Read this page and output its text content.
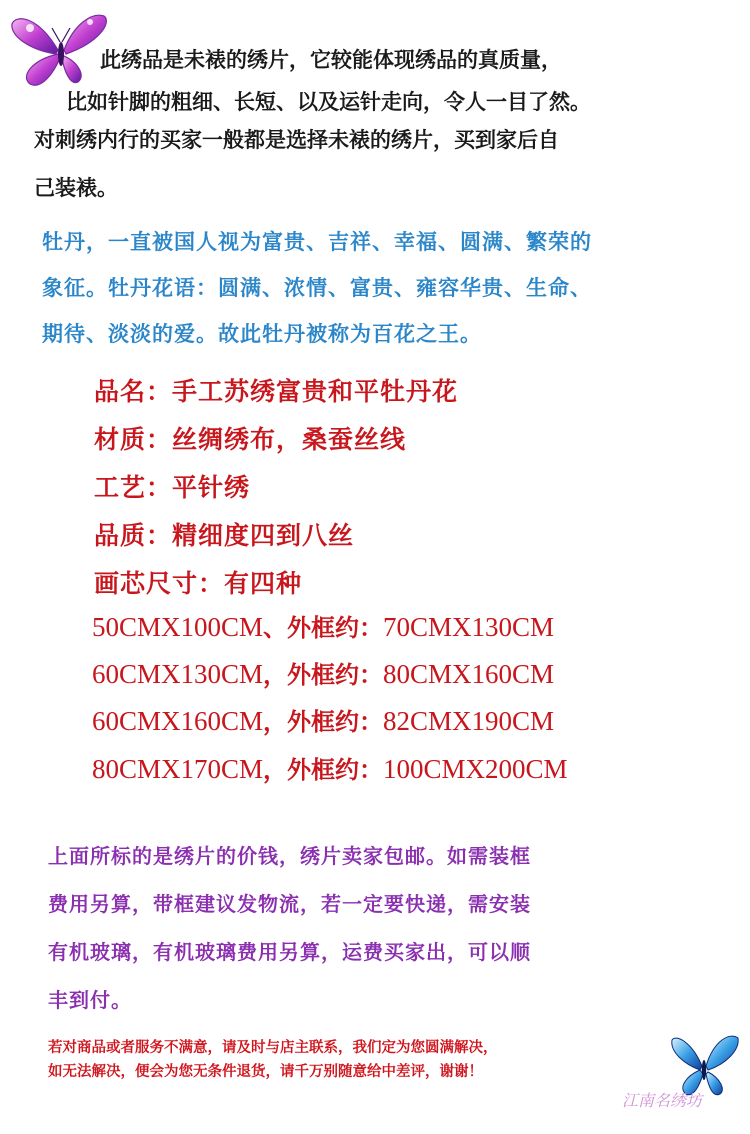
此绣品是未裱的绣片，它较能体现绣品的真质量，
比如针脚的粗细、长短、以及运针走向，令人一目了然。
对刺绣内行的买家一般都是选择未裱的绣片，买到家后自
己装裱。
牡丹，一直被国人视为富贵、吉祥、幸福、圆满、繁荣的
象征。牡丹花语：圆满、浓情、富贵、雍容华贵、生命、
期待、淡淡的爱。故此牡丹被称为百花之王。
品名：手工苏绣富贵和平牡丹花
材质：丝绸绣布，桑蚕丝线
工艺：平针绣
品质：精细度四到八丝
画芯尺寸：有四种
50CMX100CM、外框约：70CMX130CM
60CMX130CM，外框约：80CMX160CM
60CMX160CM，外框约：82CMX190CM
80CMX170CM，外框约：100CMX200CM
上面所标的是绣片的价钱，绣片卖家包邮。如需装框
费用另算，带框建议发物流，若一定要快递，需安装
有机玻璃，有机玻璃费用另算，运费买家出，可以顺
丰到付。
若对商品或者服务不满意，请及时与店主联系，我们定为您圆满解决，
如无法解决，便会为您无条件退货，请千万别随意给中差评，谢谢！
江南名绣坊
